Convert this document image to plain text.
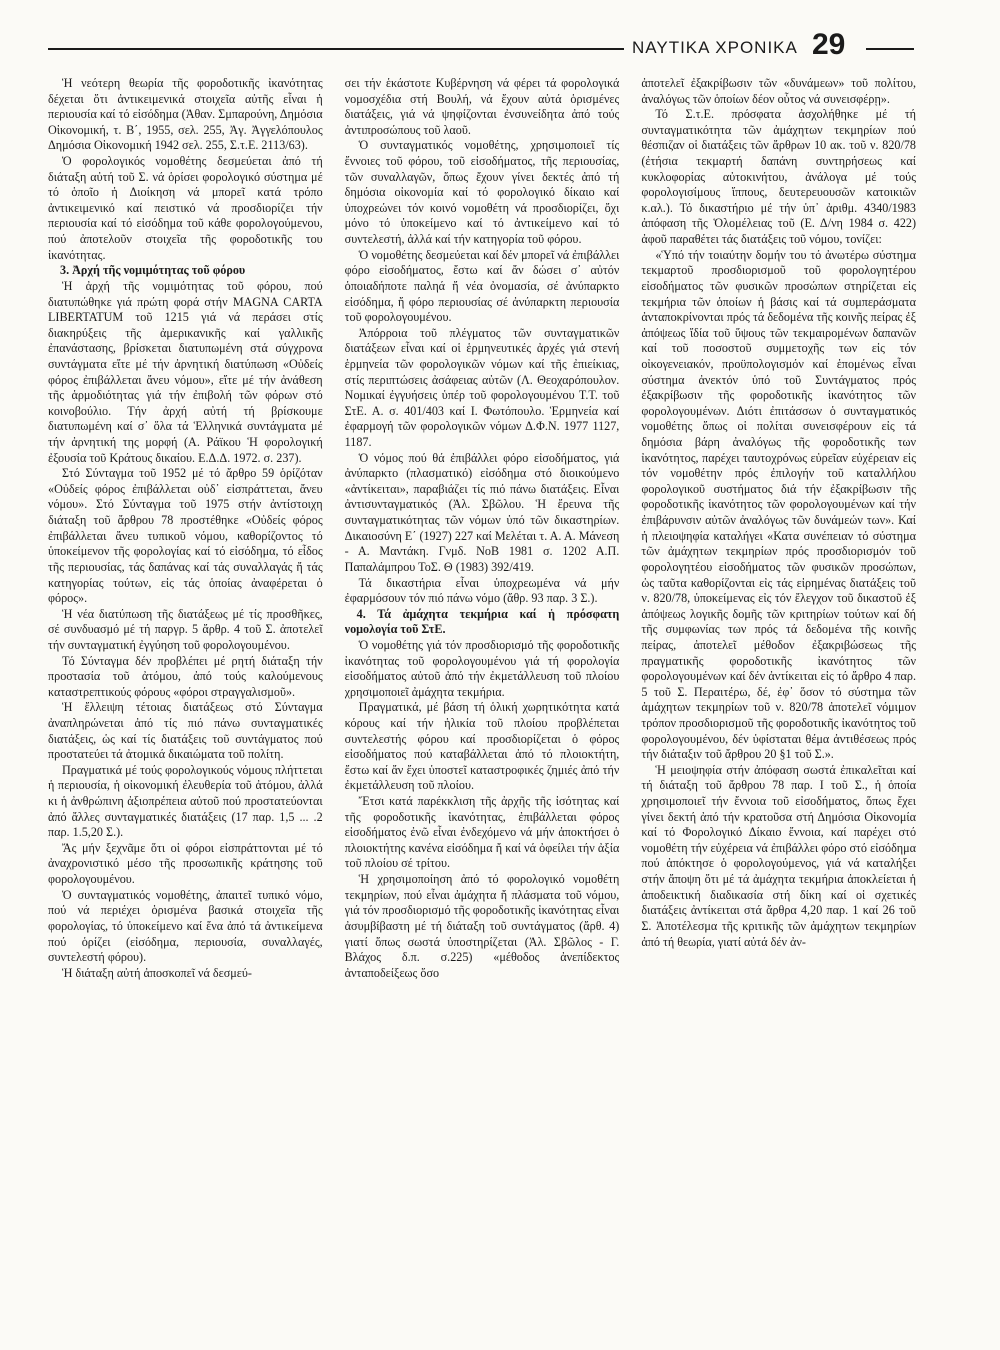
ΝΑΥΤΙΚΑ ΧΡΟΝΙΚΑ 29

Ἡ νεότερη θεωρία τῆς φοροδοτικῆς ἰκανότητας δέχεται ὅτι ἀντικειμενικά στοιχεῖα αὐτῆς εἶναι ἡ περιουσία καί τό εἰσόδημα (Ἀθαν. Σμπαρούνη, Δημόσια Οἰκονομική, τ. Β΄, 1955, σελ. 255, Ἀγ. Ἀγγελόπουλος Δημόσια Οἰκονομική 1942 σελ. 255, Σ.τ.Ε. 2113/63).

Ὁ φορολογικός νομοθέτης δεσμεύεται ἀπό τή διάταξη αὐτή τοῦ Σ. νά ὁρίσει φορολογικό σύστημα μέ τό ὁποῖο ἡ Διοίκηση νά μπορεῖ κατά τρόπο ἀντικειμενικό καί πειστικό νά προσδιορίζει τήν περιουσία καί τό εἰσόδημα τοῦ κάθε φορολογούμενου, πού ἀποτελοῦν στοιχεῖα τῆς φοροδοτικῆς του ἰκανότητας.

3. Ἀρχή τῆς νομιμότητας τοῦ φόρου

Ἡ ἀρχή τῆς νομιμότητας τοῦ φόρου, πού διατυπώθηκε γιά πρώτη φορά στήν MAGNA CARTA LIBERTATUM τοῦ 1215 γιά νά περάσει στίς διακηρύξεις τῆς ἀμερικανικῆς καί γαλλικῆς ἐπανάστασης, βρίσκεται διατυπωμένη στά σύγχρονα συντάγματα εἴτε μέ τήν ἀρνητική διατύπωση «Οὐδείς φόρος ἐπιβάλλεται ἄνευ νόμου», εἴτε μέ τήν ἀνάθεση τῆς ἁρμοδιότητας γιά τήν ἐπιβολή τῶν φόρων στό κοινοβούλιο. Τήν ἀρχή αὐτή τή βρίσκουμε διατυπωμένη καί σ᾽ ὅλα τά Ἑλληνικά συντάγματα μέ τήν ἀρνητική της μορφή (Α. Ράϊκου Ἡ φορολογική ἐξουσία τοῦ Κράτους δικαίου. Ε.Δ.Δ. 1972. σ. 237).

Στό Σύνταγμα τοῦ 1952 μέ τό ἄρθρο 59 ὁρίζόταν «Οὐδείς φόρος ἐπιβάλλεται οὐδ᾽ εἰσπράττεται, ἄνευ νόμου». Στό Σύνταγμα τοῦ 1975 στήν ἀντίστοιχη διάταξη τοῦ ἄρθρου 78 προστέθηκε «Οὐδείς φόρος ἐπιβάλλεται ἄνευ τυπικοῦ νόμου, καθορίζοντος τό ὑποκείμενον τῆς φορολογίας καί τό εἰσόδημα, τό εἶδος τῆς περιουσίας, τάς δαπάνας καί τάς συναλλαγάς ἤ τάς κατηγορίας τούτων, εἰς τάς ὁποίας ἀναφέρεται ὁ φόρος».

Ἡ νέα διατύπωση τῆς διατάξεως μέ τίς προσθῆκες, σέ συνδυασμό μέ τή παργρ. 5 ἄρθρ. 4 τοῦ Σ. ἀποτελεῖ τήν συνταγματική ἐγγύηση τοῦ φορολογουμένου.

Τό Σύνταγμα δέν προβλέπει μέ ρητή διάταξη τήν προστασία τοῦ ἀτόμου, ἀπό τούς καλούμενους καταστρεπτικούς φόρους «φόροι στραγγαλισμοῦ».

Ἡ ἔλλειψη τέτοιας διατάξεως στό Σύνταγμα ἀναπληρώνεται ἀπό τίς πιό πάνω συνταγματικές διατάξεις, ὡς καί τίς διατάξεις τοῦ συντάγματος πού προστατεύει τά ἀτομικά δικαιώματα τοῦ πολίτη.

Πραγματικά μέ τούς φορολογικούς νόμους πλήττεται ἡ περιουσία, ἡ οἰκονομική ἐλευθερία τοῦ ἀτόμου, ἀλλά κι ἡ ἀνθρώπινη ἀξιοπρέπεια αὐτοῦ πού προστατεύονται ἀπό ἄλλες συνταγματικές διατάξεις (17 παρ. 1,5 ... .2 παρ. 1.5,20 Σ.).

Ἄς μήν ξεχνᾶμε ὅτι οἱ φόροι εἰσπράττονται μέ τό ἀναχρονιστικό μέσο τῆς προσωπικῆς κράτησης τοῦ φορολογουμένου.

Ὁ συνταγματικός νομοθέτης, ἀπαιτεῖ τυπικό νόμο, πού νά περιέχει ὁρισμένα βασικά στοιχεῖα τῆς φορολογίας, τό ὑποκείμενο καί ἕνα ἀπό τά ἀντικείμενα πού ὁρίζει (εἰσόδημα, περιουσία, συναλλαγές, συντελεστή φόρου).

Ἡ διάταξη αὐτή ἀποσκοπεῖ νά δεσμεύ-

σει τήν ἑκάστοτε Κυβέρνηση νά φέρει τά φορολογικά νομοσχέδια στή Βουλή, νά ἔχουν αὐτά ὁρισμένες διατάξεις, γιά νά ψηφίζονται ἐνσυνείδητα ἀπό τούς ἀντιπροσώπους τοῦ λαοῦ.

Ὁ συνταγματικός νομοθέτης, χρησιμοποιεῖ τίς ἔννοιες τοῦ φόρου, τοῦ εἰσοδήματος, τῆς περιουσίας, τῶν συναλλαγῶν, ὅπως ἔχουν γίνει δεκτές ἀπό τή δημόσια οἰκονομία καί τό φορολογικό δίκαιο καί ὑποχρεώνει τόν κοινό νομοθέτη νά προσδιορίζει, ὄχι μόνο τό ὑποκείμενο καί τό ἀντικείμενο καί τό συντελεστή, ἀλλά καί τήν κατηγορία τοῦ φόρου.

Ὁ νομοθέτης δεσμεύεται καί δέν μπορεῖ νά ἐπιβάλλει φόρο εἰσοδήματος, ἔστω καί ἄν δώσει σ᾽ αὐτόν ὁποιαδήποτε παληά ἤ νέα ὀνομασία, σέ ἀνύπαρκτο εἰσόδημα, ἤ φόρο περιουσίας σέ ἀνύπαρκτη περιουσία τοῦ φορολογουμένου.

Ἀπόρροια τοῦ πλέγματος τῶν συνταγματικῶν διατάξεων εἶναι καί οἱ ἑρμηνευτικές ἀρχές γιά στενή ἑρμηνεία τῶν φορολογικῶν νόμων καί τῆς ἐπιείκιας, στίς περιπτώσεις ἀσάφειας αὐτῶν (Λ. Θεοχαρόπουλον. Νομικαί ἐγγυήσεις ὑπέρ τοῦ φορολογουμένου Τ.Τ. τοῦ ΣτΕ. Α. σ. 401/403 καί Ι. Φωτόπουλο. Ἑρμηνεία καί ἐφαρμογή τῶν φορολογικῶν νόμων Δ.Φ.Ν. 1977 1127, 1187.

Ὁ νόμος πού θά ἐπιβάλλει φόρο εἰσοδήματος, γιά ἀνύπαρκτο (πλασματικό) εἰσόδημα στό διοικούμενο «ἀντίκειται», παραβιάζει τίς πιό πάνω διατάξεις. Εἶναι ἀντισυνταγματικός (Ἀλ. Σβῶλου. Ἡ ἔρευνα τῆς συνταγματικότητας τῶν νόμων ὑπό τῶν δικαστηρίων. Δικαιοσύνη Ε΄ (1927) 227 καί Μελέται τ. Α. Α. Μάνεση - Α. Μαντάκη. Γνμδ. ΝοΒ 1981 σ. 1202 Α.Π. Παπαλάμπρου ΤοΣ. Θ (1983) 392/419.

Τά δικαστήρια εἶναι ὑποχρεωμένα νά μήν ἐφαρμόσουν τόν πιό πάνω νόμο (ἄθρ. 93 παρ. 3 Σ.).

4. Τά ἀμάχητα τεκμήρια καί ἡ πρόσφατη νομολογία τοῦ ΣτΕ.

Ὁ νομοθέτης γιά τόν προσδιορισμό τῆς φοροδοτικῆς ἰκανότητας τοῦ φορολογουμένου γιά τή φορολογία εἰσοδήματος αὐτοῦ ἀπό τήν ἐκμετάλλευση τοῦ πλοίου χρησιμοποιεῖ ἀμάχητα τεκμήρια.

Πραγματικά, μέ βάση τή ὁλική χωρητικότητα κατά κόρους καί τήν ἡλικία τοῦ πλοίου προβλέπεται συντελεστής φόρου καί προσδιορίζεται ὁ φόρος εἰσοδήματος πού καταβάλλεται ἀπό τό πλοιοκτήτη, ἔστω καί ἄν ἔχει ὑποστεῖ καταστροφικές ζημιές ἀπό τήν ἐκμετάλλευση τοῦ πλοίου.

Ἔτσι κατά παρέκκλιση τῆς ἀρχῆς τῆς ἰσότητας καί τῆς φοροδοτικῆς ἰκανότητας, ἐπιβάλλεται φόρος εἰσοδήματος ἐνῶ εἶναι ἐνδεχόμενο νά μήν ἀποκτήσει ὁ πλοιοκτήτης κανένα εἰσόδημα ἤ καί νά ὀφείλει τήν ἀξία τοῦ πλοίου σέ τρίτου.

Ἡ χρησιμοποίηση ἀπό τό φορολογικό νομοθέτη τεκμηρίων, πού εἶναι ἀμάχητα ἤ πλάσματα τοῦ νόμου, γιά τόν προσδιορισμό τῆς φοροδοτικῆς ἰκανότητας εἶναι ἀσυμβίβαστη μέ τή διάταξη τοῦ συντάγματος (ἄρθ. 4) γιατί ὅπως σωστά ὑποστηρίζεται (Ἀλ. Σβῶλος - Γ. Βλάχος δ.π. σ.225) «μέθοδος ἀνεπίδεκτος ἀνταποδείξεως ὅσο

ἀποτελεῖ ἐξακρίβωσιν τῶν «δυνάμεων» τοῦ πολίτου, ἀναλόγως τῶν ὁποίων δέον οὗτος νά συνεισφέρῃ».

Τό Σ.τ.Ε. πρόσφατα ἀσχολήθηκε μέ τή συνταγματικότητα τῶν ἀμάχητων τεκμηρίων πού θέσπιζαν οἱ διατάξεις τῶν ἄρθρων 10 ακ. τοῦ ν. 820/78 (ἐτήσια τεκμαρτή δαπάνη συντηρήσεως καί κυκλοφορίας αὐτοκινήτου, ἀνάλογα μέ τούς φορολογισίμους ἵππους, δευτερευουσῶν κατοικιῶν κ.αλ.). Τό δικαστήριο μέ τήν ὑπ᾽ ἀριθμ. 4340/1983 ἀπόφαση τῆς Ὁλομέλειας τοῦ (Ε. Δ/νη 1984 σ. 422) ἀφοῦ παραθέτει τάς διατάξεις τοῦ νόμου, τονίζει:

«Ὑπό τήν τοιαύτην δομήν του τό ἀνωτέρω σύστημα τεκμαρτοῦ προσδιορισμοῦ τοῦ φορολογητέρου εἰσοδήματος τῶν φυσικῶν προσώπων στηρίζεται εἰς τεκμήρια τῶν ὁποίων ἡ βάσις καί τά συμπεράσματα ἀνταποκρίνονται πρός τά δεδομένα τῆς κοινῆς πείρας ἐξ ἀπόψεως ἴδία τοῦ ὕψους τῶν τεκμαιρομένων δαπανῶν καί τοῦ ποσοστοῦ συμμετοχῆς των εἰς τόν οἰκογενειακόν, προϋπολογισμόν καί ἑπομένως εἶναι σύστημα ἀνεκτόν ὑπό τοῦ Συντάγματος πρός ἐξακρίβωσιν τῆς φοροδοτικῆς ἰκανότητος τῶν φορολογουμένων. Διότι ἐπιτάσσων ὁ συνταγματικός νομοθέτης ὅπως οἱ πολίται συνεισφέρουν εἰς τά δημόσια βάρη ἀναλόγως τῆς φοροδοτικῆς των ἰκανότητος, παρέχει ταυτοχρόνως εὐρεῖαν εὐχέρειαν εἰς τόν νομοθέτην πρός ἐπιλογήν τοῦ καταλλήλου φορολογικοῦ συστήματος διά τήν ἐξακρίβωσιν τῆς φοροδοτικῆς ἱκανότητος τῶν φορολογουμένων καί τήν ἐπιβάρυνσιν αὐτῶν ἀναλόγως τῶν δυνάμεών των». Καί ἡ πλειοψηφία καταλήγει «Κατα συνέπειαν τό σύστημα τῶν ἀμάχητων τεκμηρίων πρός προσδιορισμόν τοῦ φορολογητέου εἰσοδήματος τῶν φυσικῶν προσώπων, ὡς ταῦτα καθορίζονται εἰς τάς εἰρημένας διατάξεις τοῦ ν. 820/78, ὑποκείμενας εἰς τόν ἔλεγχον τοῦ δικαστοῦ ἐξ ἀπόψεως λογικῆς δομῆς τῶν κριτηρίων τούτων καί δή τῆς συμφωνίας των πρός τά δεδομένα τῆς κοινῆς πείρας, ἀποτελεῖ μέθοδον ἐξακριβώσεως τῆς πραγματικῆς φοροδοτικῆς ἰκανότητος τῶν φορολογουμένων καί δέν ἀντίκειται εἰς τό ἄρθρο 4 παρ. 5 τοῦ Σ. Περαιτέρω, δέ, ἐφ᾽ ὅσον τό σύστημα τῶν ἀμάχητων τεκμηρίων τοῦ ν. 820/78 ἀποτελεῖ νόμιμον τρόπον προσδιορισμοῦ τῆς φοροδοτικῆς ἰκανότητος τοῦ φορολογουμένου, δέν ὑφίσταται θέμα ἀντιθέσεως πρός τήν διάταξιν τοῦ ἄρθρου 20 §1 τοῦ Σ.».

Ἡ μειοψηφία στήν ἀπόφαση σωστά ἐπικαλεῖται καί τή διάταξη τοῦ ἄρθρου 78 παρ. Ι τοῦ Σ., ἡ ὁποία χρησιμοποιεῖ τήν ἔννοια τοῦ εἰσοδήματος, ὅπως ἔχει γίνει δεκτή ἀπό τήν κρατοῦσα στή Δημόσια Οἰκονομία καί τό Φορολογικό Δίκαιο ἔννοια, καί παρέχει στό νομοθέτη τήν εὐχέρεια νά ἐπιβάλλει φόρο στό εἰσόδημα πού ἀπόκτησε ὁ φορολογούμενος, γιά νά καταλήξει στήν ἄποψη ὅτι μέ τά ἀμάχητα τεκμήρια ἀποκλείεται ἡ ἀποδεικτική διαδικασία στή δίκη καί οἱ σχετικές διατάξεις ἀντίκειται στά ἄρθρα 4,20 παρ. 1 καί 26 τοῦ Σ. Ἀποτέλεσμα τῆς κριτικῆς τῶν ἀμάχητων τεκμηρίων ἀπό τή θεωρία, γιατί αὐτά δέν ἀν-
